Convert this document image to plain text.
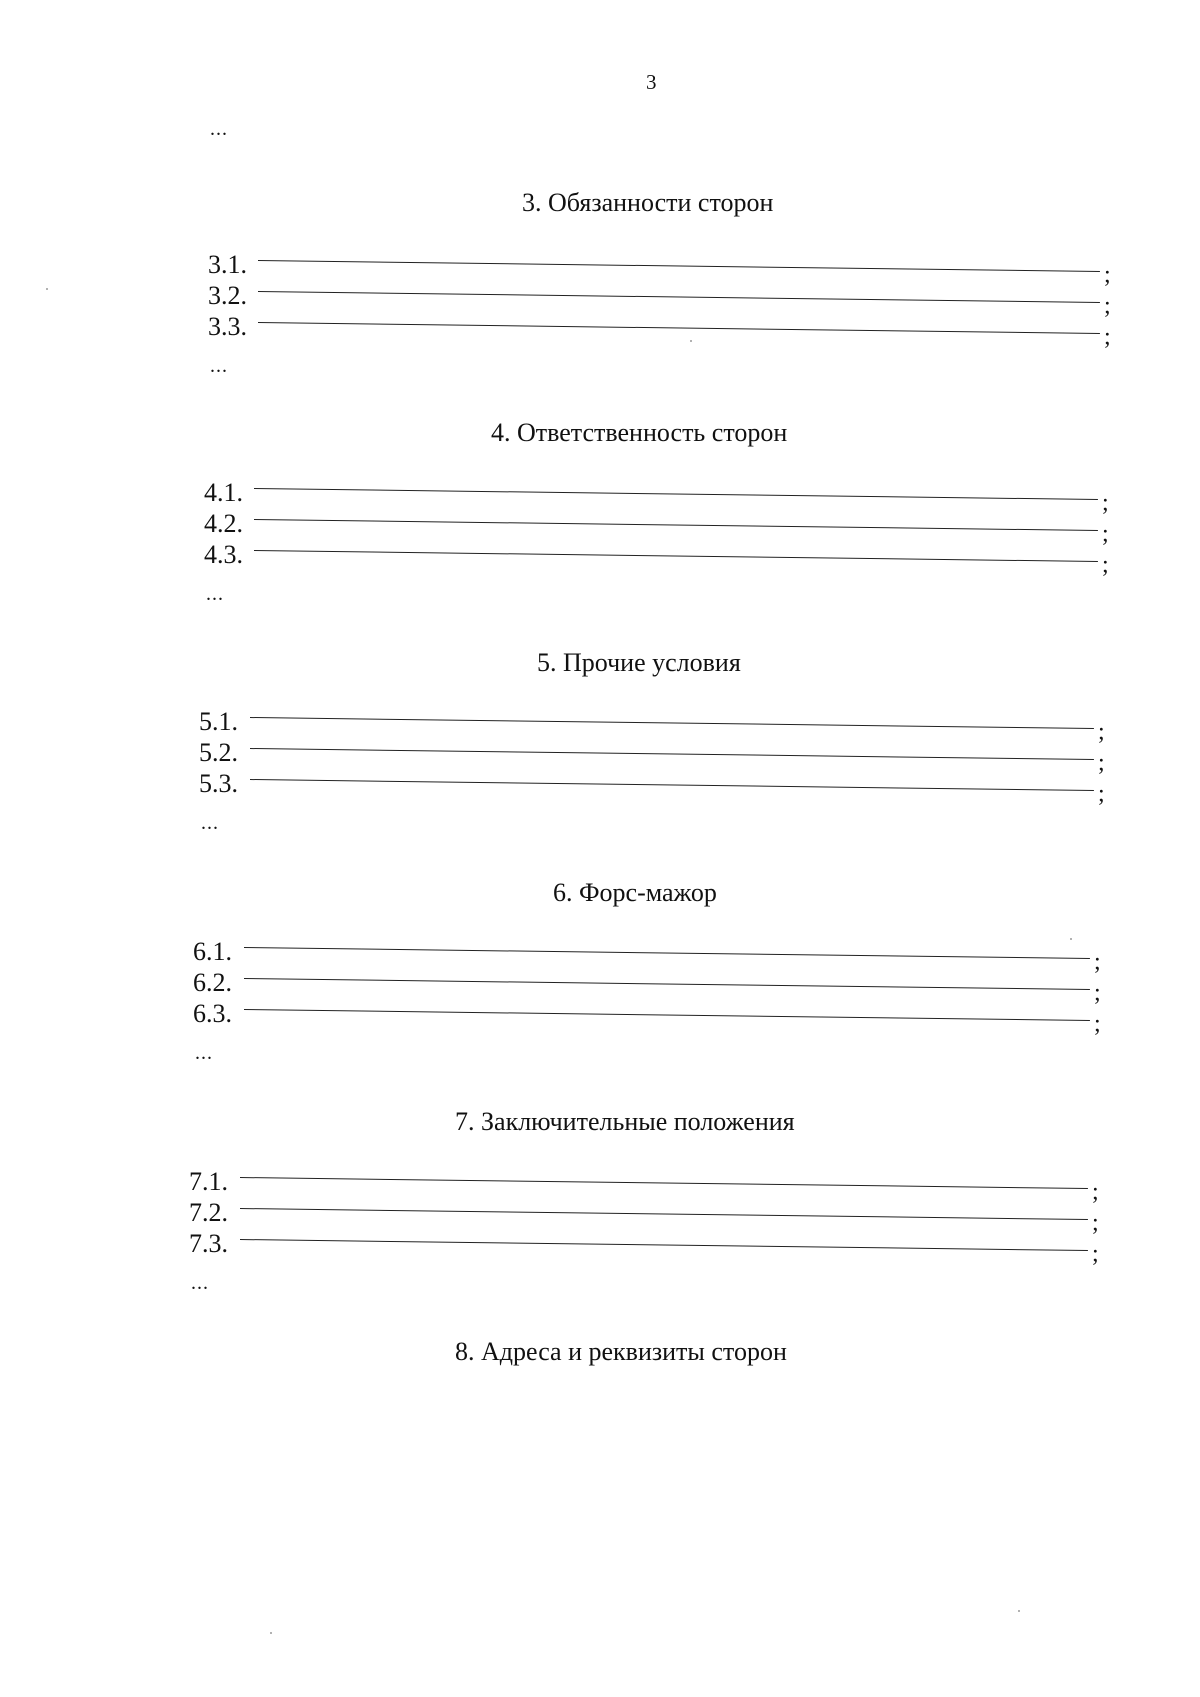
3
...
3. Обязанности сторон
3.1.	;
3.2.	;
3.3.	;
...
4. Ответственность сторон
4.1.	;
4.2.	;
4.3.	;
...
5. Прочие условия
5.1.	;
5.2.	;
5.3.	;
...
6. Форс-мажор
6.1.	;
6.2.	;
6.3.	;
...
7. Заключительные положения
7.1.	;
7.2.	;
7.3.	;
...
8. Адреса и реквизиты сторон
